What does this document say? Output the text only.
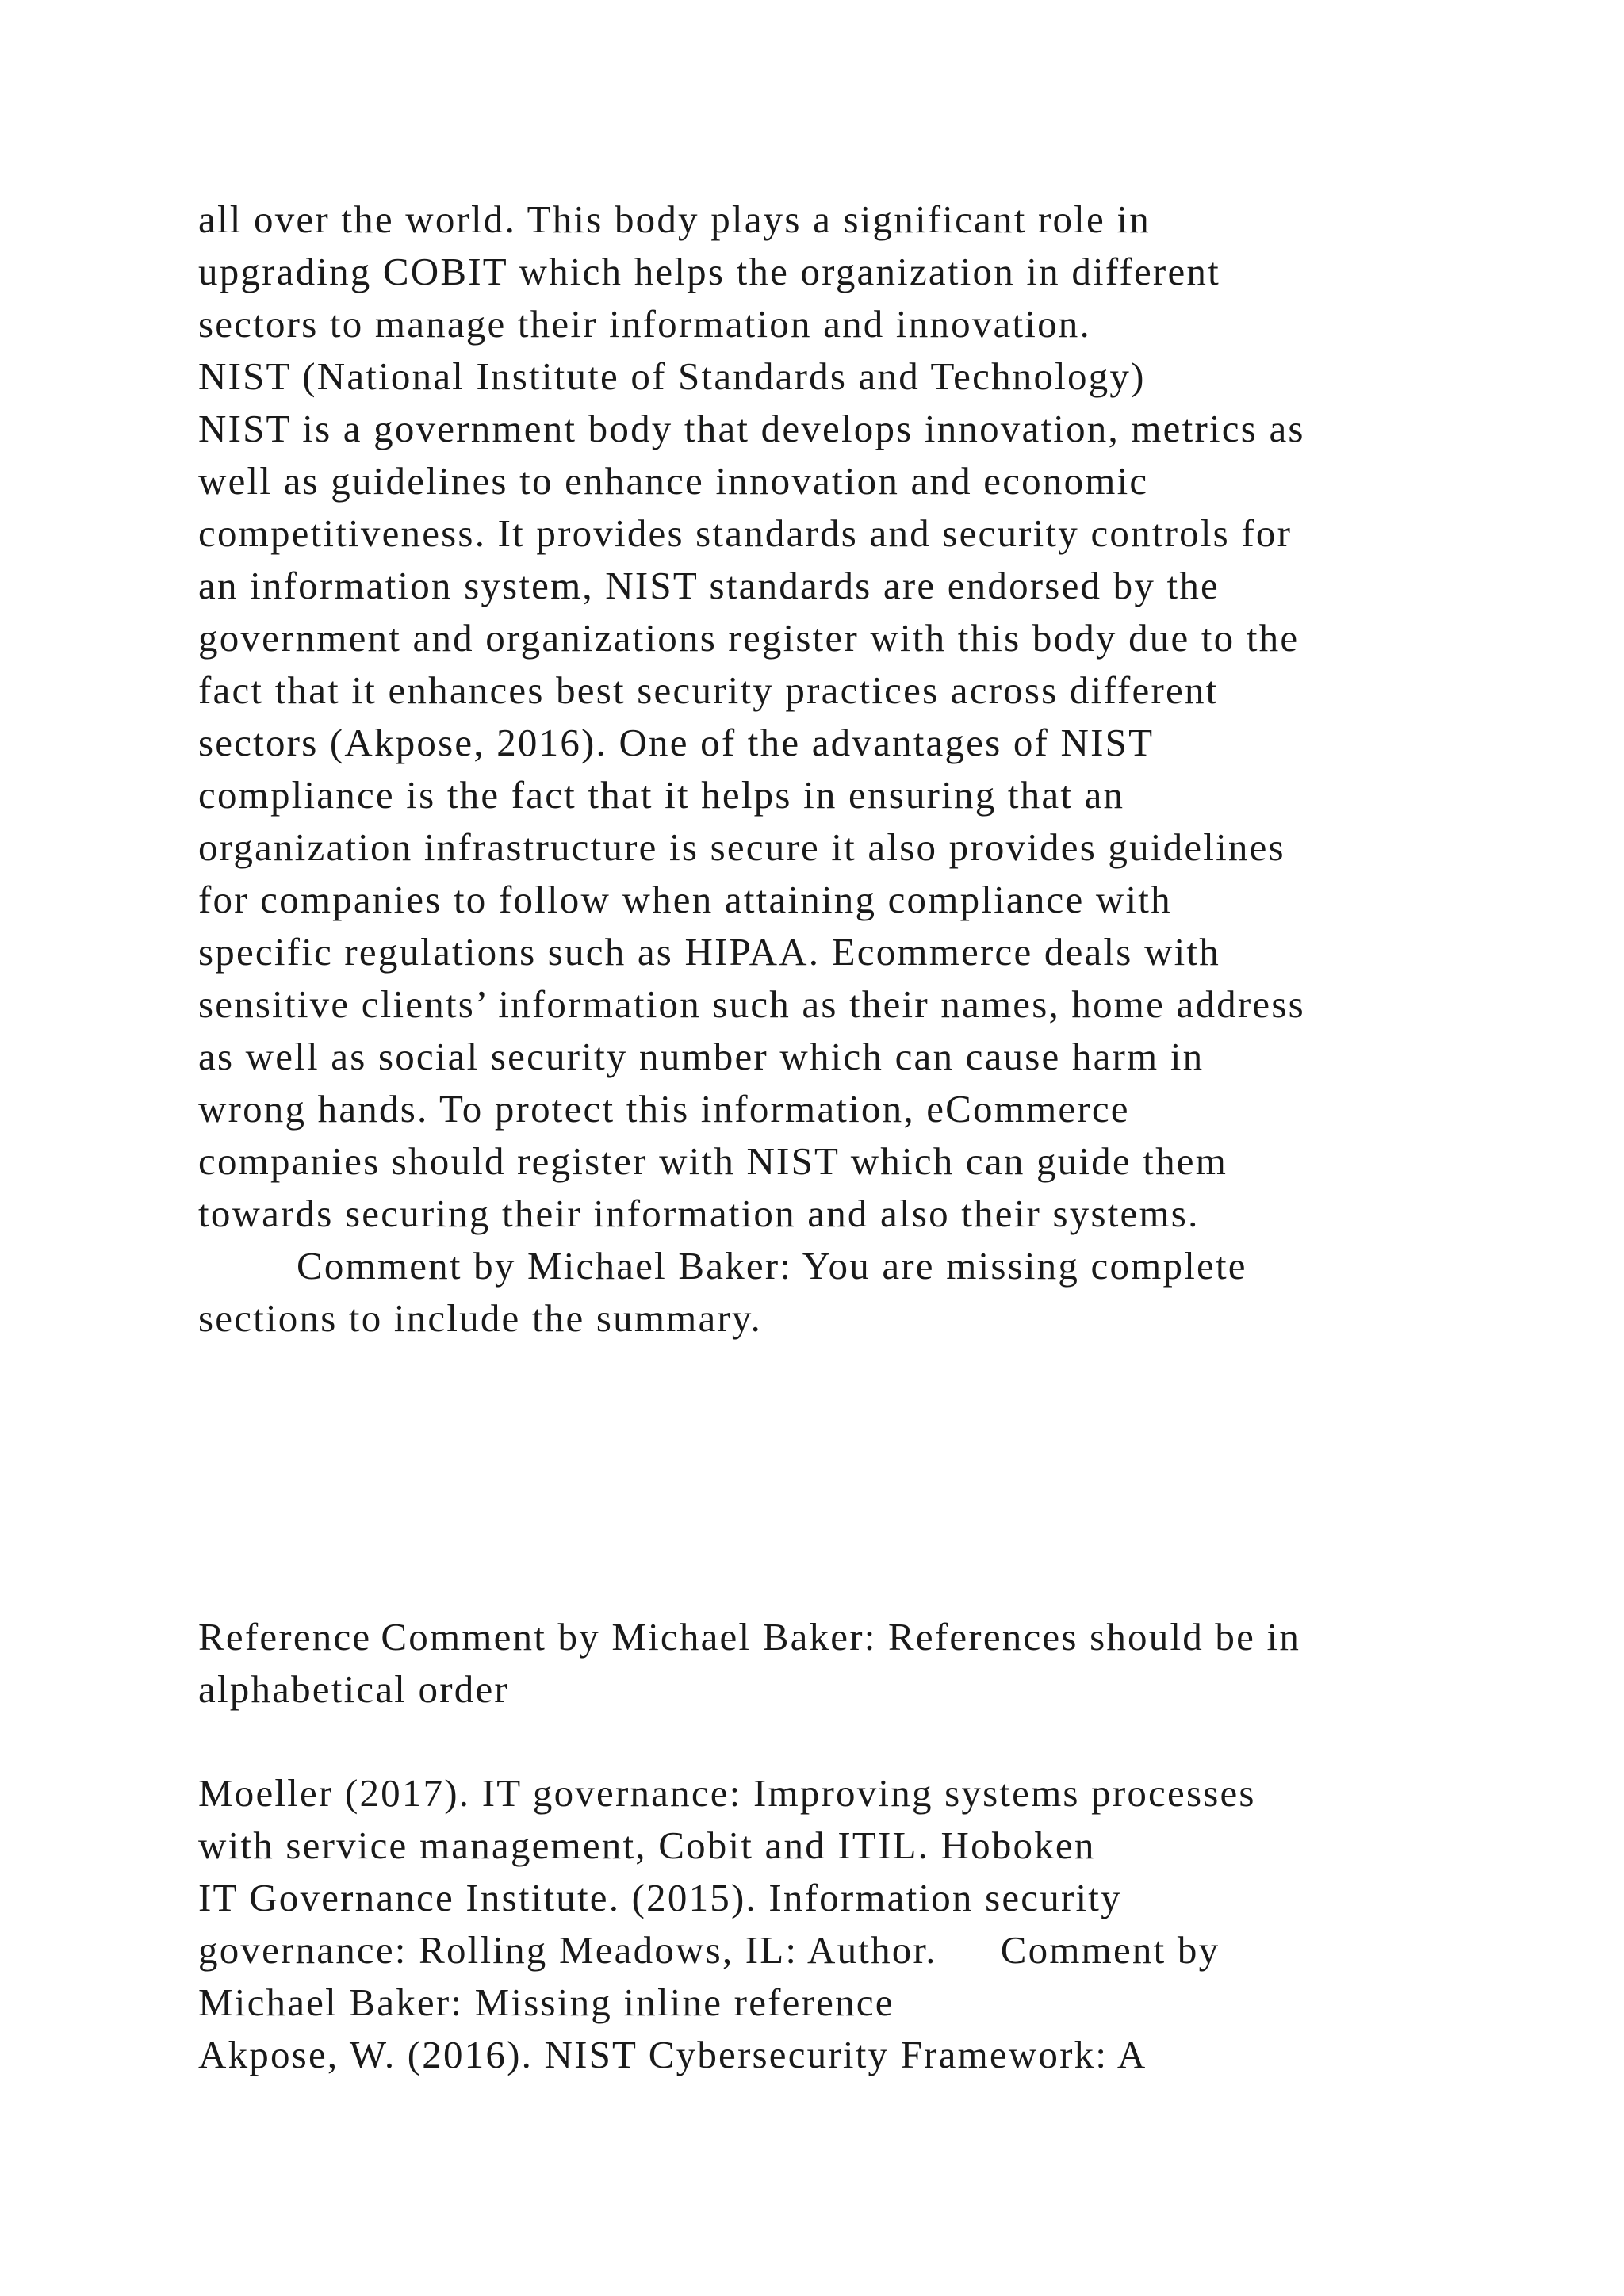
all over the world. This body plays a significant role in
upgrading COBIT which helps the organization in different
sectors to manage their information and innovation.
NIST (National Institute of Standards and Technology)
NIST is a government body that develops innovation, metrics as
well as guidelines to enhance innovation and economic
competitiveness. It provides standards and security controls for
an information system, NIST standards are endorsed by the
government and organizations register with this body due to the
fact that it enhances best security practices across different
sectors (Akpose, 2016). One of the advantages of NIST
compliance is the fact that it helps in ensuring that an
organization infrastructure is secure it also provides guidelines
for companies to follow when attaining compliance with
specific regulations such as HIPAA. Ecommerce deals with
sensitive clients’ information such as their names, home address
as well as social security number which can cause harm in
wrong hands. To protect this information, eCommerce
companies should register with NIST which can guide them
towards securing their information and also their systems.
Comment by Michael Baker: You are missing complete
sections to include the summary.
Reference Comment by Michael Baker: References should be in
alphabetical order
Moeller (2017). IT governance: Improving systems processes
with service management, Cobit and ITIL. Hoboken
IT Governance Institute. (2015). Information security
governance: Rolling Meadows, IL: Author. Comment by
Michael Baker: Missing inline reference
Akpose, W. (2016). NIST Cybersecurity Framework: A
